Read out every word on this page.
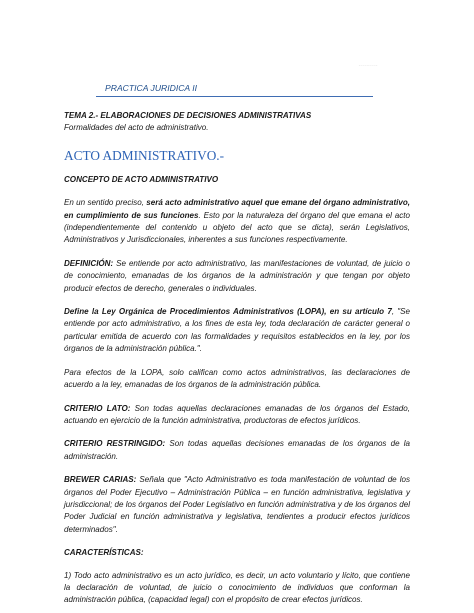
··········
PRACTICA JURIDICA II

TEMA 2.- ELABORACIONES DE DECISIONES ADMINISTRATIVAS

Formalidades del acto de administrativo.

ACTO ADMINISTRATIVO.-

CONCEPTO DE ACTO ADMINISTRATIVO

En un sentido preciso, será acto administrativo aquel que emane del órgano administrativo, en cumplimiento de sus funciones. Esto por la naturaleza del órgano del que emana el acto (independientemente del contenido u objeto del acto que se dicta), serán Legislativos, Administrativos y Jurisdiccionales, inherentes a sus funciones respectivamente.

DEFINICIÓN: Se entiende por acto administrativo, las manifestaciones de voluntad, de juicio o de conocimiento, emanadas de los órganos de la administración y que tengan por objeto producir efectos de derecho, generales o individuales.

Define la Ley Orgánica de Procedimientos Administrativos (LOPA), en su artículo 7, "Se entiende por acto administrativo, a los fines de esta ley, toda declaración de carácter general o particular emitida de acuerdo con las formalidades y requisitos establecidos en la ley, por los órganos de la administración pública.".

Para efectos de la LOPA, solo califican como actos administrativos, las declaraciones de acuerdo a la ley, emanadas de los órganos de la administración pública.

CRITERIO LATO: Son todas aquellas declaraciones emanadas de los órganos del Estado, actuando en ejercicio de la función administrativa, productoras de efectos jurídicos.

CRITERIO RESTRINGIDO: Son todas aquellas decisiones emanadas de los órganos de la administración.

BREWER CARIAS: Señala que "Acto Administrativo es toda manifestación de voluntad de los órganos del Poder Ejecutivo – Administración Pública – en función administrativa, legislativa y jurisdiccional; de los órganos del Poder Legislativo en función administrativa y de los órganos del Poder Judicial en función administrativa y legislativa, tendientes a producir efectos jurídicos determinados".

CARACTERÍSTICAS:

1) Todo acto administrativo es un acto jurídico, es decir, un acto voluntario y lícito, que contiene la declaración de voluntad, de juicio o conocimiento de individuos que conforman la administración pública, (capacidad legal) con el propósito de crear efectos jurídicos.
